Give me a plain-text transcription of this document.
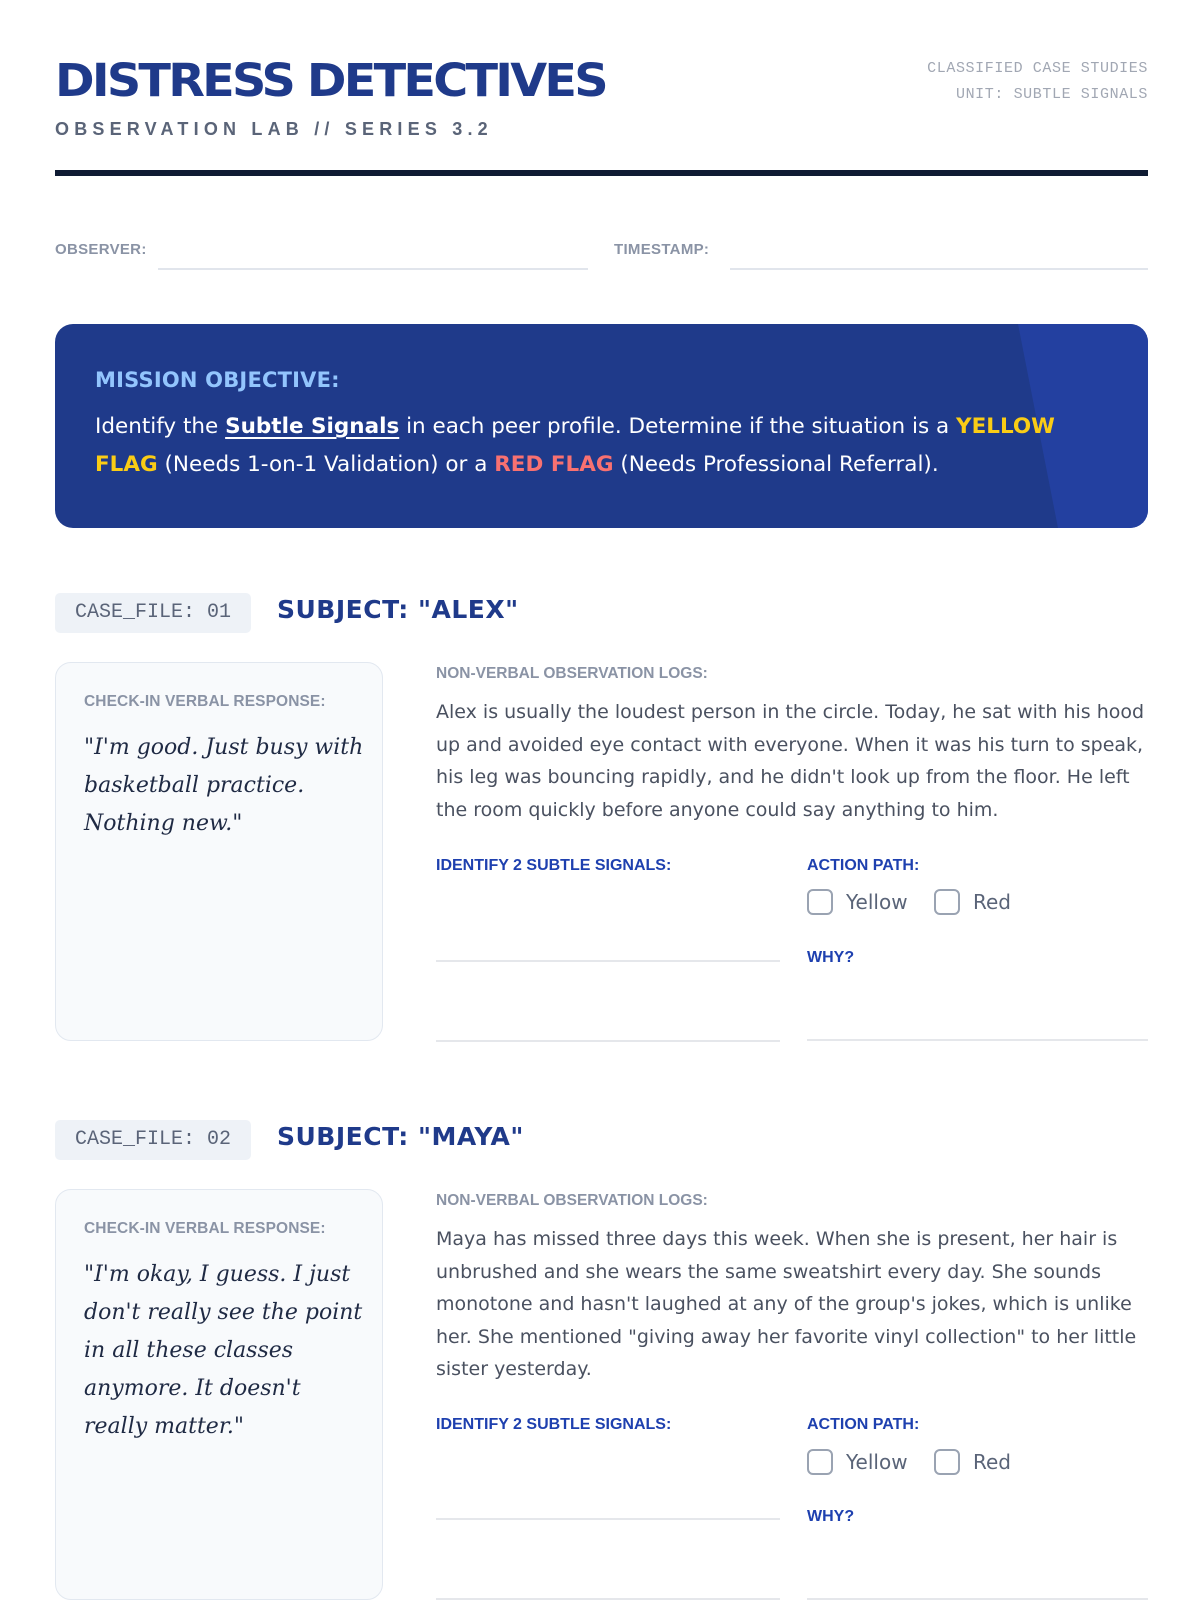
DISTRESS DETECTIVES
OBSERVATION LAB // SERIES 3.2
CLASSIFIED CASE STUDIES
UNIT: SUBTLE SIGNALS
OBSERVER:	TIMESTAMP:
MISSION OBJECTIVE:
Identify the Subtle Signals in each peer profile. Determine if the situation is a YELLOW FLAG (Needs 1-on-1 Validation) or a RED FLAG (Needs Professional Referral).
CASE_FILE: 01	SUBJECT: "ALEX"
CHECK-IN VERBAL RESPONSE:
"I'm good. Just busy with basketball practice. Nothing new."
NON-VERBAL OBSERVATION LOGS:
Alex is usually the loudest person in the circle. Today, he sat with his hood up and avoided eye contact with everyone. When it was his turn to speak, his leg was bouncing rapidly, and he didn't look up from the floor. He left the room quickly before anyone could say anything to him.
IDENTIFY 2 SUBTLE SIGNALS:	ACTION PATH:
Yellow	Red
WHY?
CASE_FILE: 02	SUBJECT: "MAYA"
CHECK-IN VERBAL RESPONSE:
"I'm okay, I guess. I just don't really see the point in all these classes anymore. It doesn't really matter."
NON-VERBAL OBSERVATION LOGS:
Maya has missed three days this week. When she is present, her hair is unbrushed and she wears the same sweatshirt every day. She sounds monotone and hasn't laughed at any of the group's jokes, which is unlike her. She mentioned "giving away her favorite vinyl collection" to her little sister yesterday.
IDENTIFY 2 SUBTLE SIGNALS:	ACTION PATH:
Yellow	Red
WHY?
